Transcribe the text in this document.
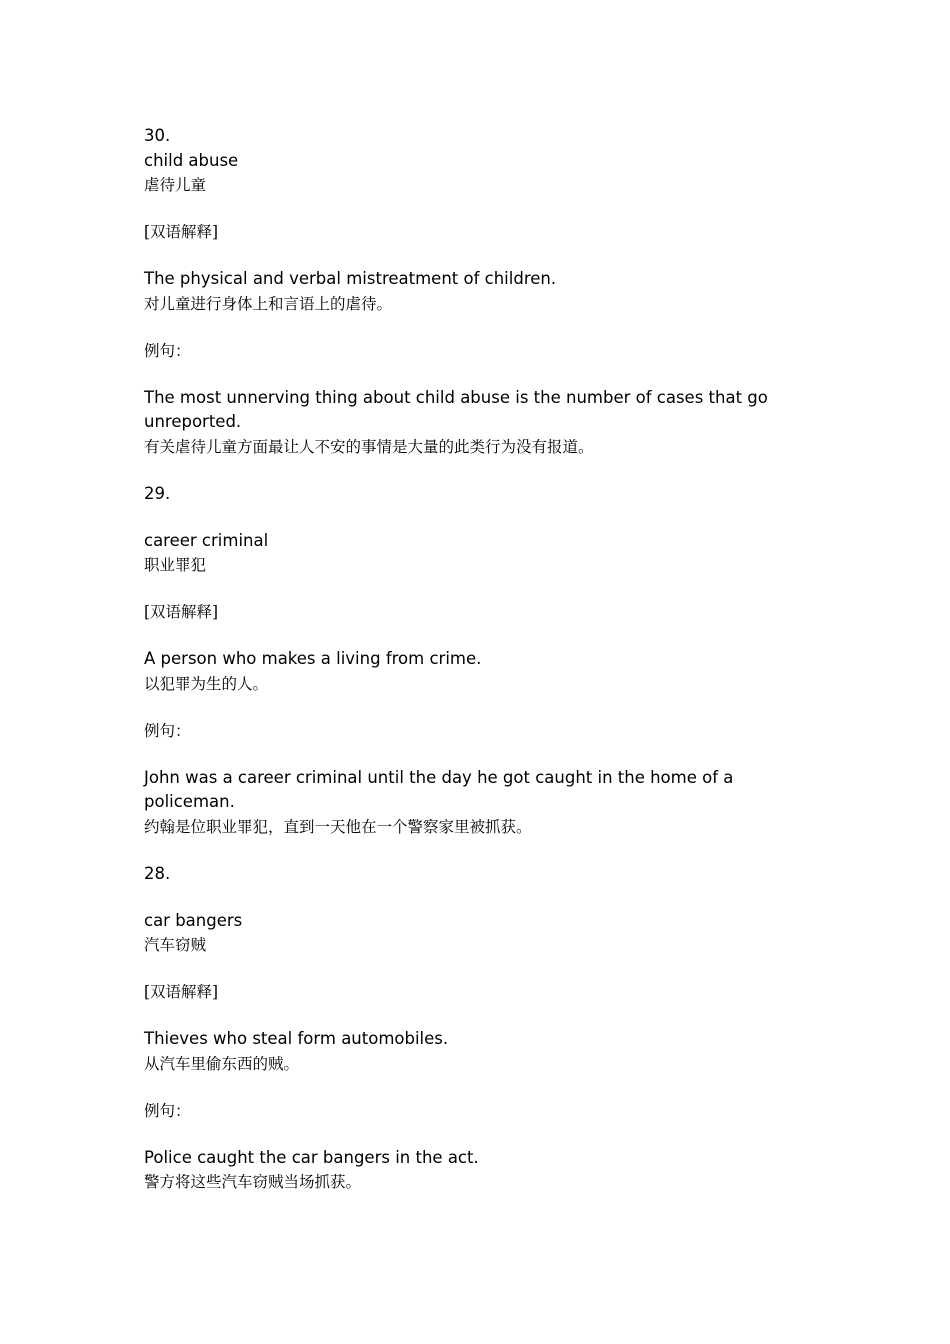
30.
child abuse
虐待儿童
[双语解释]
The physical and verbal mistreatment of children.
对儿童进行身体上和言语上的虐待。
例句：
The most unnerving thing about child abuse is the number of cases that go
unreported.
有关虐待儿童方面最让人不安的事情是大量的此类行为没有报道。
29.
career criminal
职业罪犯
[双语解释]
A person who makes a living from crime.
以犯罪为生的人。
例句：
John was a career criminal until the day he got caught in the home of a
policeman.
约翰是位职业罪犯，直到一天他在一个警察家里被抓获。
28.
car bangers
汽车窃贼
[双语解释]
Thieves who steal form automobiles.
从汽车里偷东西的贼。
例句：
Police caught the car bangers in the act.
警方将这些汽车窃贼当场抓获。
